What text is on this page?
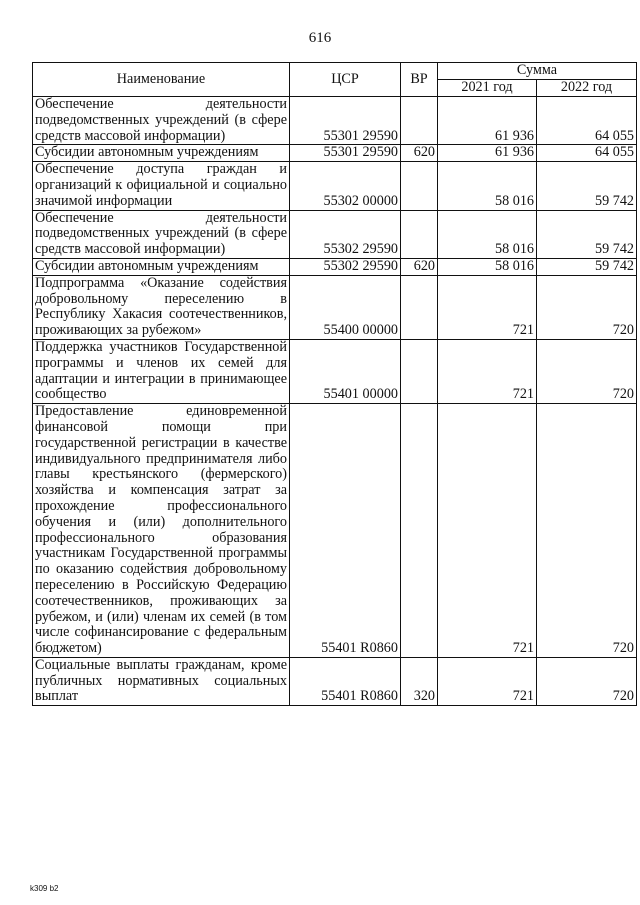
616
Наименование	ЦСР	ВР	Сумма	
			2021 год	2022 год
Обеспечение деятельности подведомственных учреждений (в сфере средств массовой информации)	55301 29590		61 936	64 055
Субсидии автономным учреждениям	55301 29590	620	61 936	64 055
Обеспечение доступа граждан и организаций к официальной и социально значимой информации	55302 00000		58 016	59 742
Обеспечение деятельности подведомственных учреждений (в сфере средств массовой информации)	55302 29590		58 016	59 742
Субсидии автономным учреждениям	55302 29590	620	58 016	59 742
Подпрограмма «Оказание содействия добровольному переселению в Республику Хакасия соотечественников, проживающих за рубежом»	55400 00000		721	720
Поддержка участников Государственной программы и членов их семей для адаптации и интеграции в принимающее сообщество	55401 00000		721	720
Предоставление единовременной финансовой помощи при государственной регистрации в качестве индивидуального предпринимателя либо главы крестьянского (фермерского) хозяйства и компенсация затрат за прохождение профессионального обучения и (или) дополнительного профессионального образования участникам Государственной программы по оказанию содействия добровольному переселению в Российскую Федерацию соотечественников, проживающих за рубежом, и (или) членам их семей (в том числе софинансирование с федеральным бюджетом)	55401 R0860		721	720
Социальные выплаты гражданам, кроме публичных нормативных социальных выплат	55401 R0860	320	721	720
k309 b2
